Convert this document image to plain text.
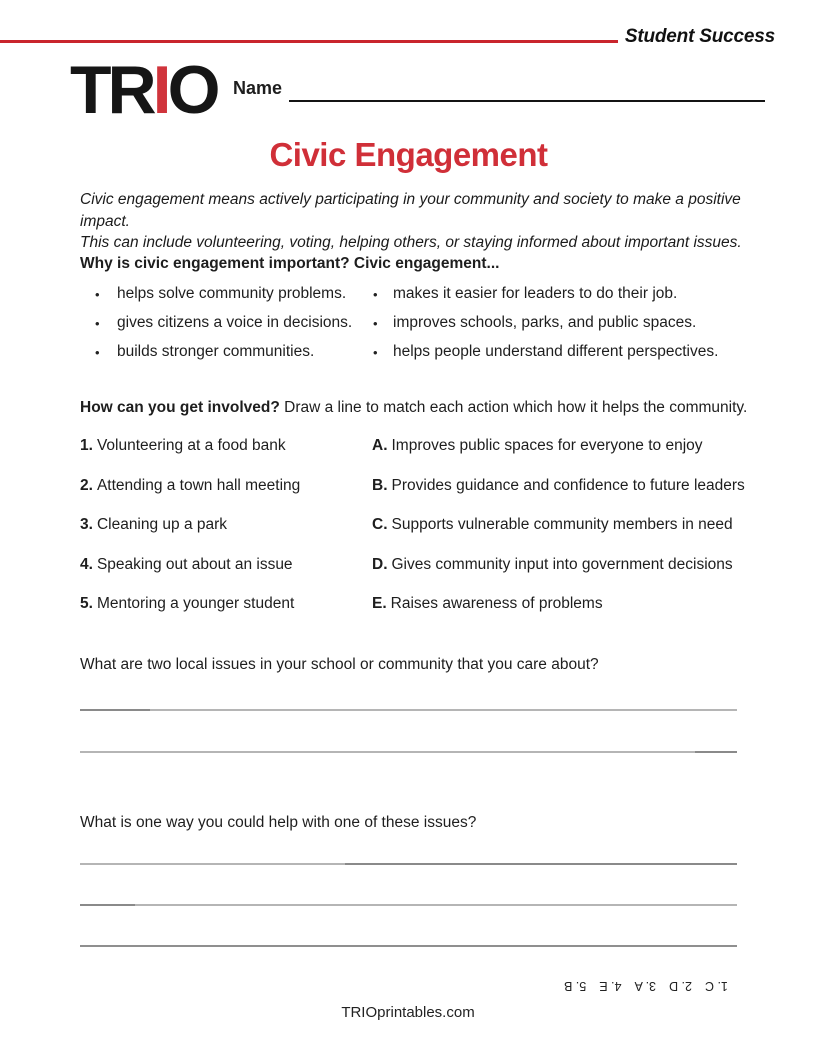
Student Success
TRIO Name
Civic Engagement
Civic engagement means actively participating in your community and society to make a positive impact.
This can include volunteering, voting, helping others, or staying informed about important issues.
Why is civic engagement important? Civic engagement...
• helps solve community problems. • makes it easier for leaders to do their job.
• gives citizens a voice in decisions. • improves schools, parks, and public spaces.
• builds stronger communities.	• helps people understand different perspectives.
How can you get involved? Draw a line to match each action which how it helps the community.
1. Volunteering at a food bank	A. Improves public spaces for everyone to enjoy
2. Attending a town hall meeting	B. Provides guidance and confidence to future leaders
3. Cleaning up a park	C. Supports vulnerable community members in need
4. Speaking out about an issue	D. Gives community input into government decisions
5. Mentoring a younger student	E. Raises awareness of problems
What are two local issues in your school or community that you care about?
What is one way you could help with one of these issues?
1. C
2. D
3. A
4. E
5. B
TRIOprintables.com
